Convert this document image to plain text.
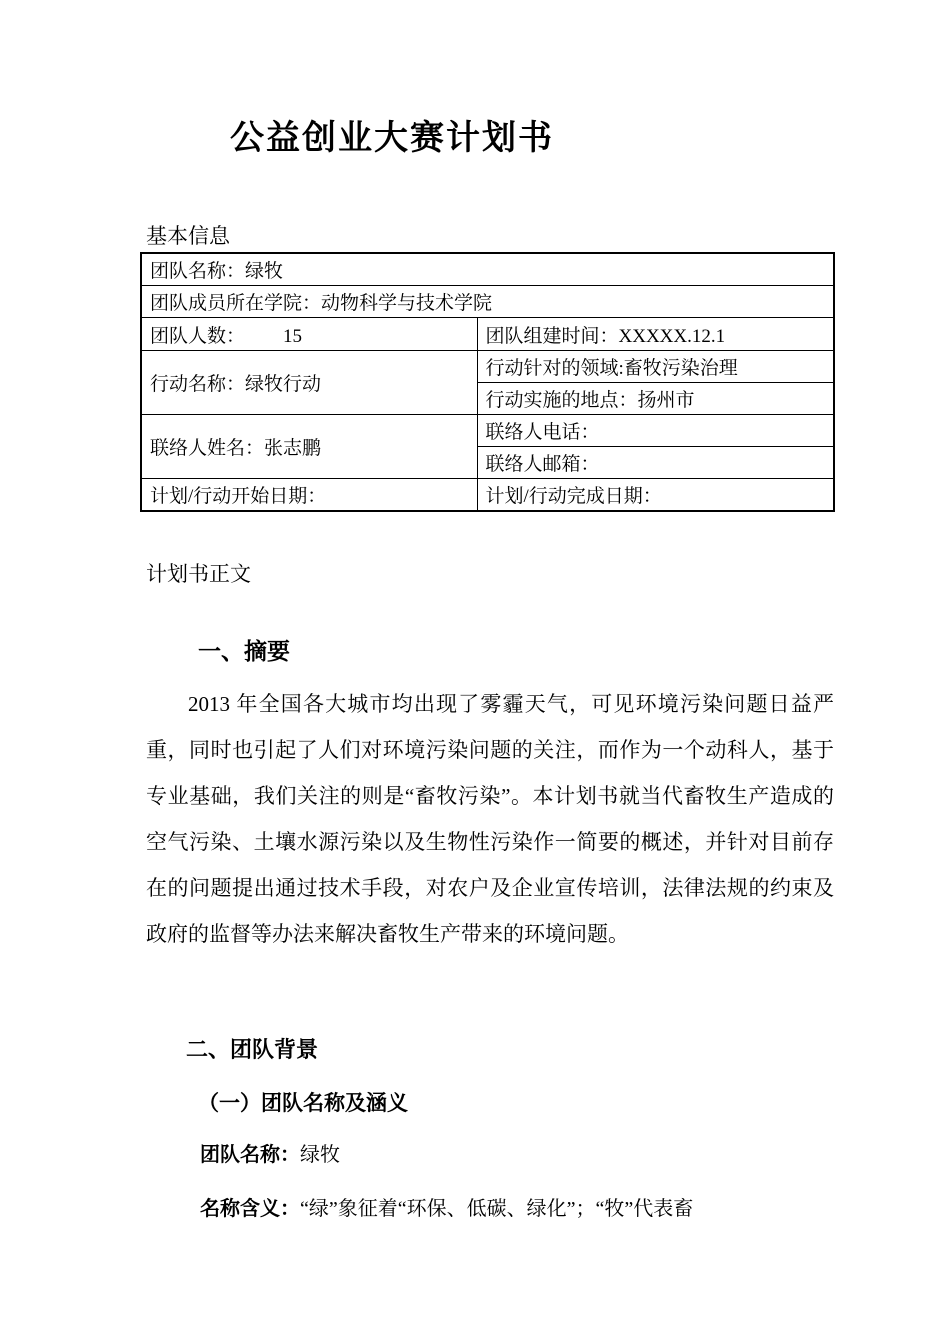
公益创业大赛计划书
基本信息
团队名称：绿牧	
团队成员所在学院：动物科学与技术学院	
团队人数：        15	团队组建时间：XXXXX.12.1
行动名称：绿牧行动	行动针对的领域:畜牧污染治理
	行动实施的地点：扬州市
联络人姓名：张志鹏	联络人电话：
	联络人邮箱：
计划/行动开始日期：	计划/行动完成日期：
计划书正文
一、摘要
2013 年全国各大城市均出现了雾霾天气，可见环境污染问题日益严重，同时也引起了人们对环境污染问题的关注，而作为一个动科人，基于专业基础，我们关注的则是“畜牧污染”。本计划书就当代畜牧生产造成的空气污染、土壤水源污染以及生物性污染作一简要的概述，并针对目前存在的问题提出通过技术手段，对农户及企业宣传培训，法律法规的约束及政府的监督等办法来解决畜牧生产带来的环境问题。
二、团队背景
（一）团队名称及涵义
团队名称：绿牧
名称含义：“绿”象征着“环保、低碳、绿化”；“牧”代表畜
